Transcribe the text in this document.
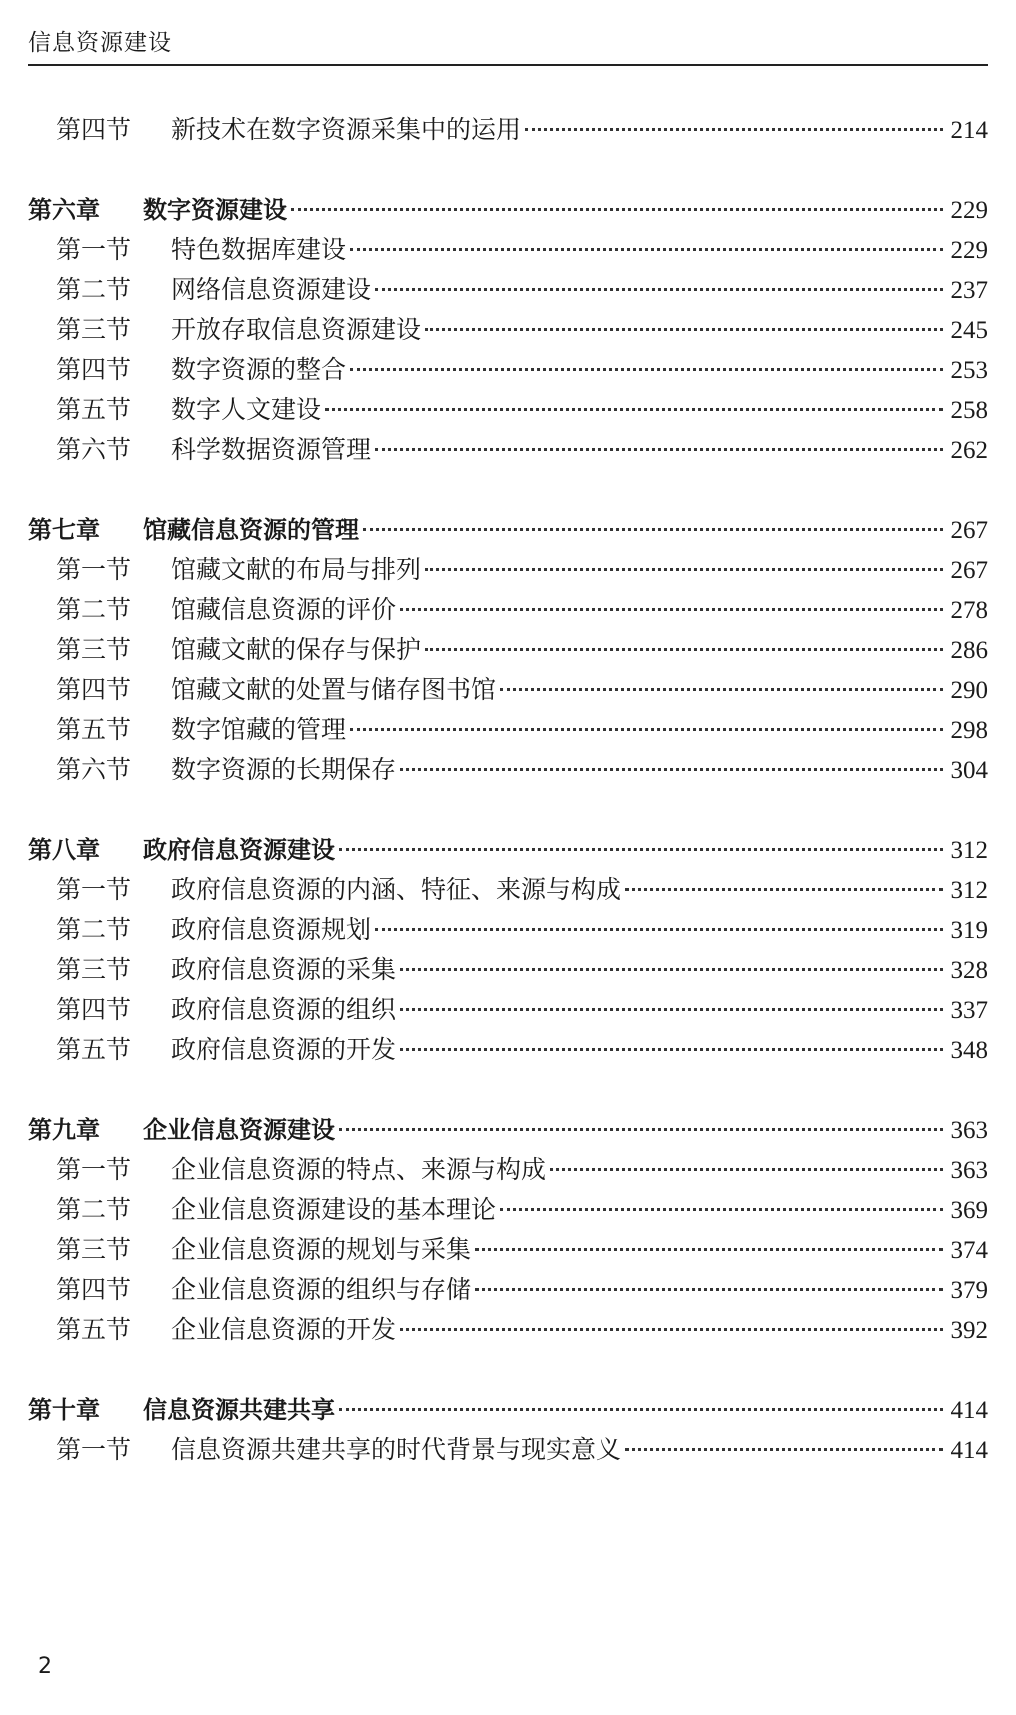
信息资源建设
第四节	新技术在数字资源采集中的运用	214
第六章	数字资源建设	229
第一节	特色数据库建设	229
第二节	网络信息资源建设	237
第三节	开放存取信息资源建设	245
第四节	数字资源的整合	253
第五节	数字人文建设	258
第六节	科学数据资源管理	262
第七章	馆藏信息资源的管理	267
第一节	馆藏文献的布局与排列	267
第二节	馆藏信息资源的评价	278
第三节	馆藏文献的保存与保护	286
第四节	馆藏文献的处置与储存图书馆	290
第五节	数字馆藏的管理	298
第六节	数字资源的长期保存	304
第八章	政府信息资源建设	312
第一节	政府信息资源的内涵、特征、来源与构成	312
第二节	政府信息资源规划	319
第三节	政府信息资源的采集	328
第四节	政府信息资源的组织	337
第五节	政府信息资源的开发	348
第九章	企业信息资源建设	363
第一节	企业信息资源的特点、来源与构成	363
第二节	企业信息资源建设的基本理论	369
第三节	企业信息资源的规划与采集	374
第四节	企业信息资源的组织与存储	379
第五节	企业信息资源的开发	392
第十章	信息资源共建共享	414
第一节	信息资源共建共享的时代背景与现实意义	414
2
